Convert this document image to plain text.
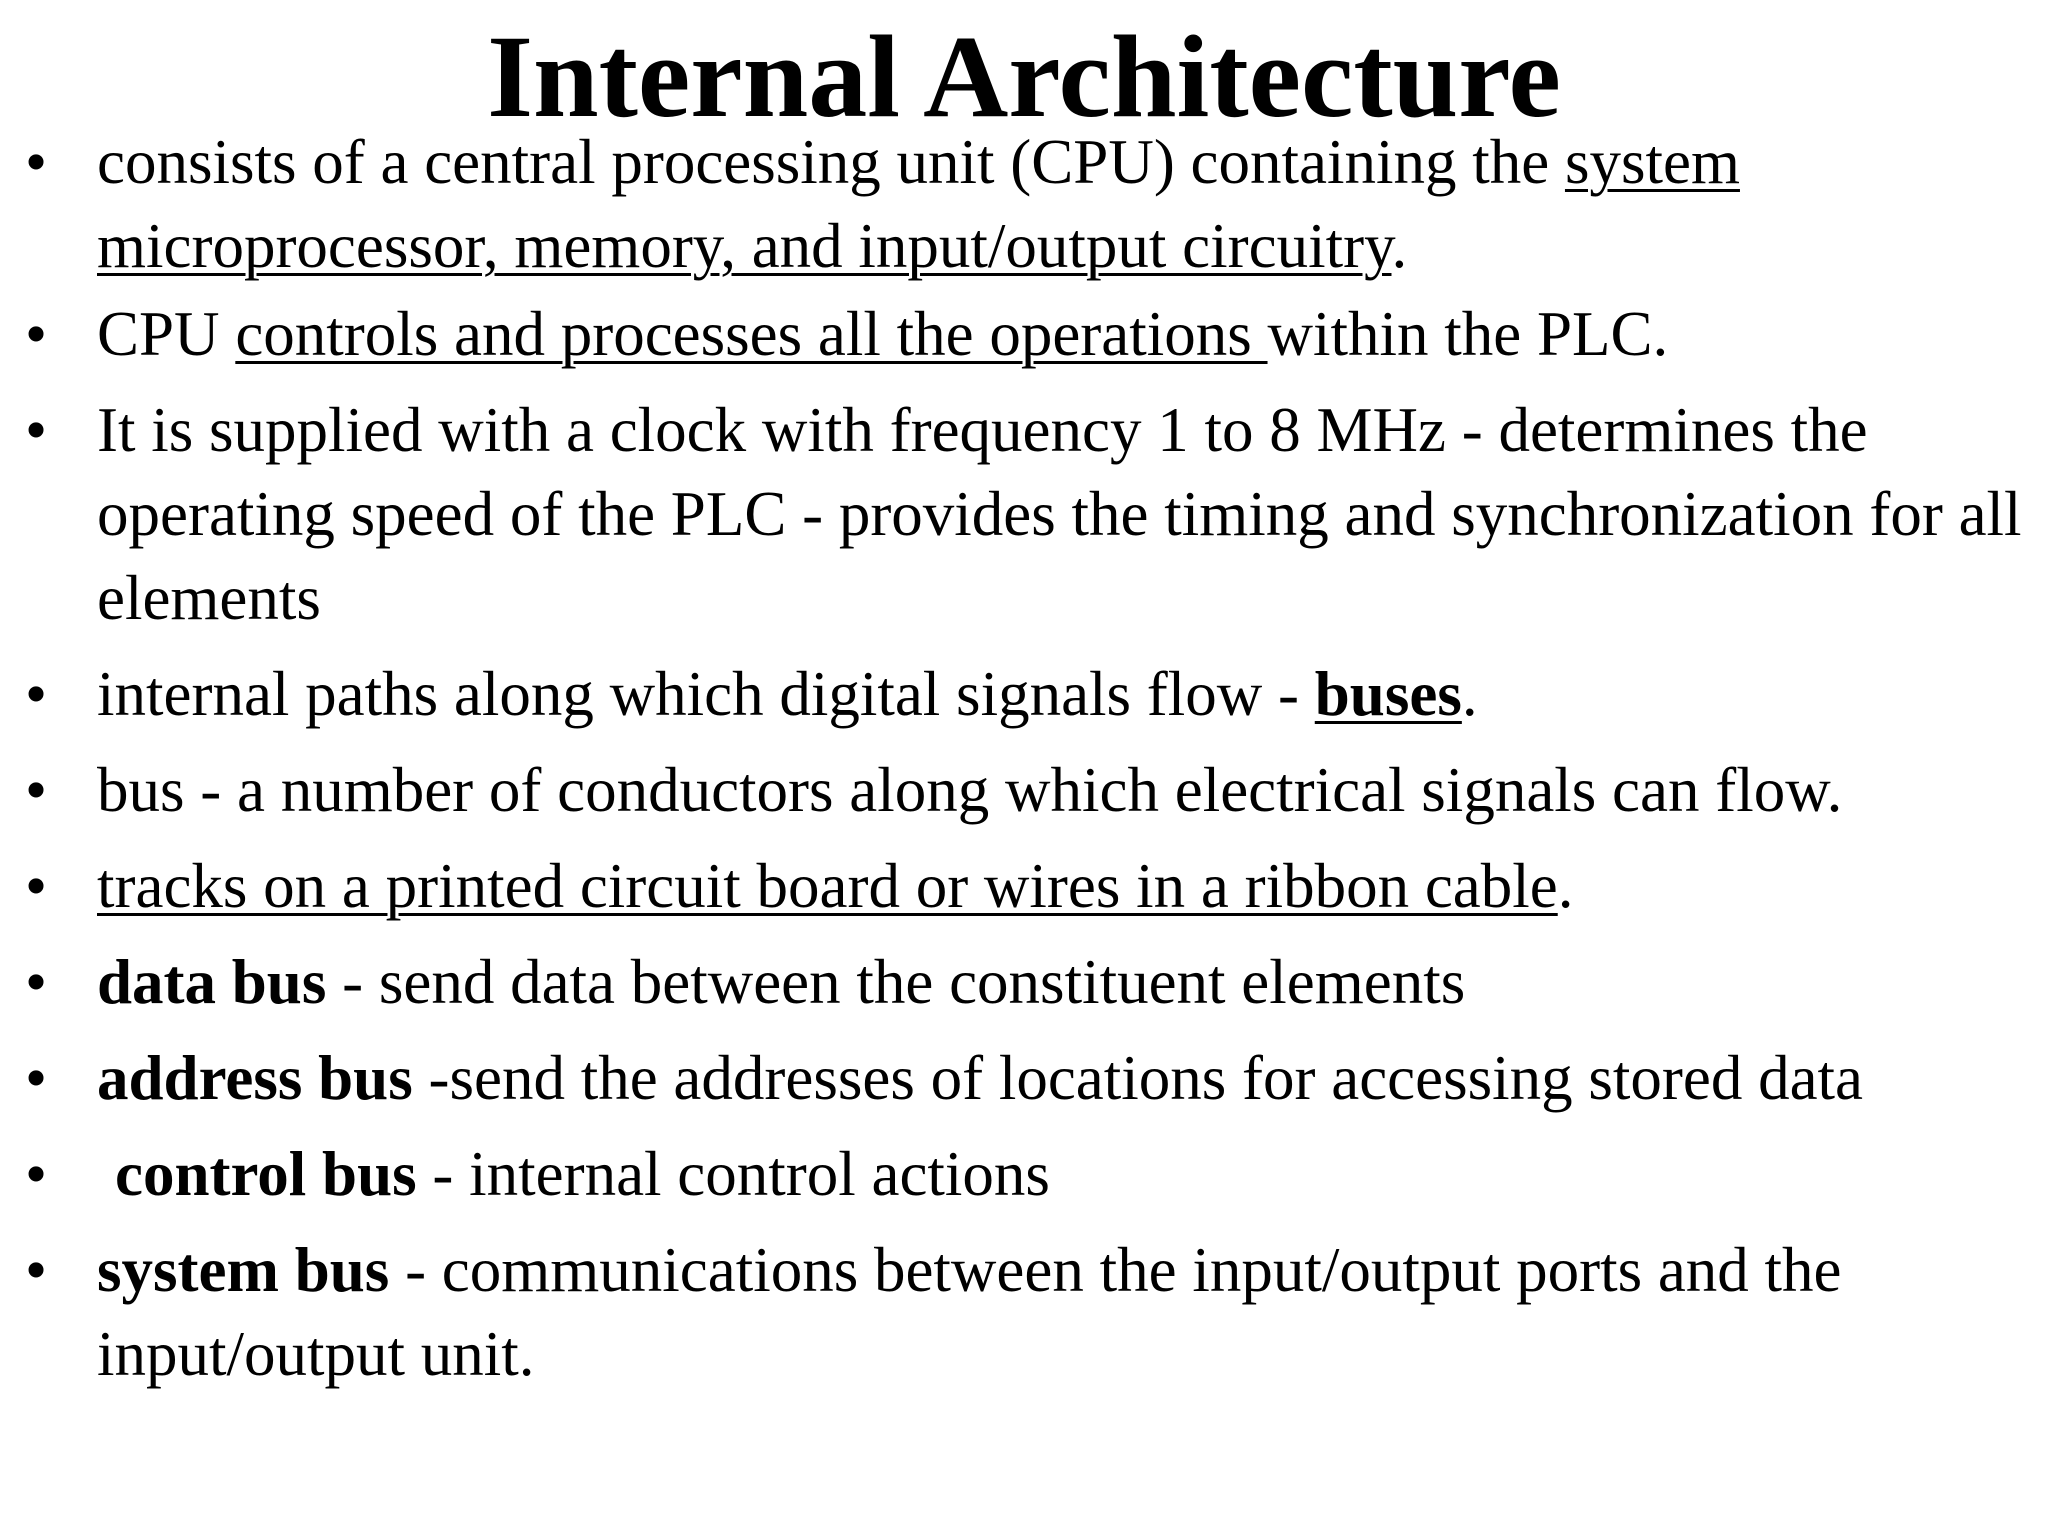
Internal Architecture
• consists of a central processing unit (CPU) containing the system microprocessor, memory, and input/output circuitry.
• CPU controls and processes all the operations within the PLC.
• It is supplied with a clock with frequency 1 to 8 MHz - determines the operating speed of the PLC - provides the timing and synchronization for all elements
• internal paths along which digital signals flow - buses.
• bus - a number of conductors along which electrical signals can flow.
• tracks on a printed circuit board or wires in a ribbon cable.
• data bus - send data between the constituent elements
• address bus -send the addresses of locations for accessing stored data
• control bus - internal control actions
• system bus - communications between the input/output ports and the input/output unit.
